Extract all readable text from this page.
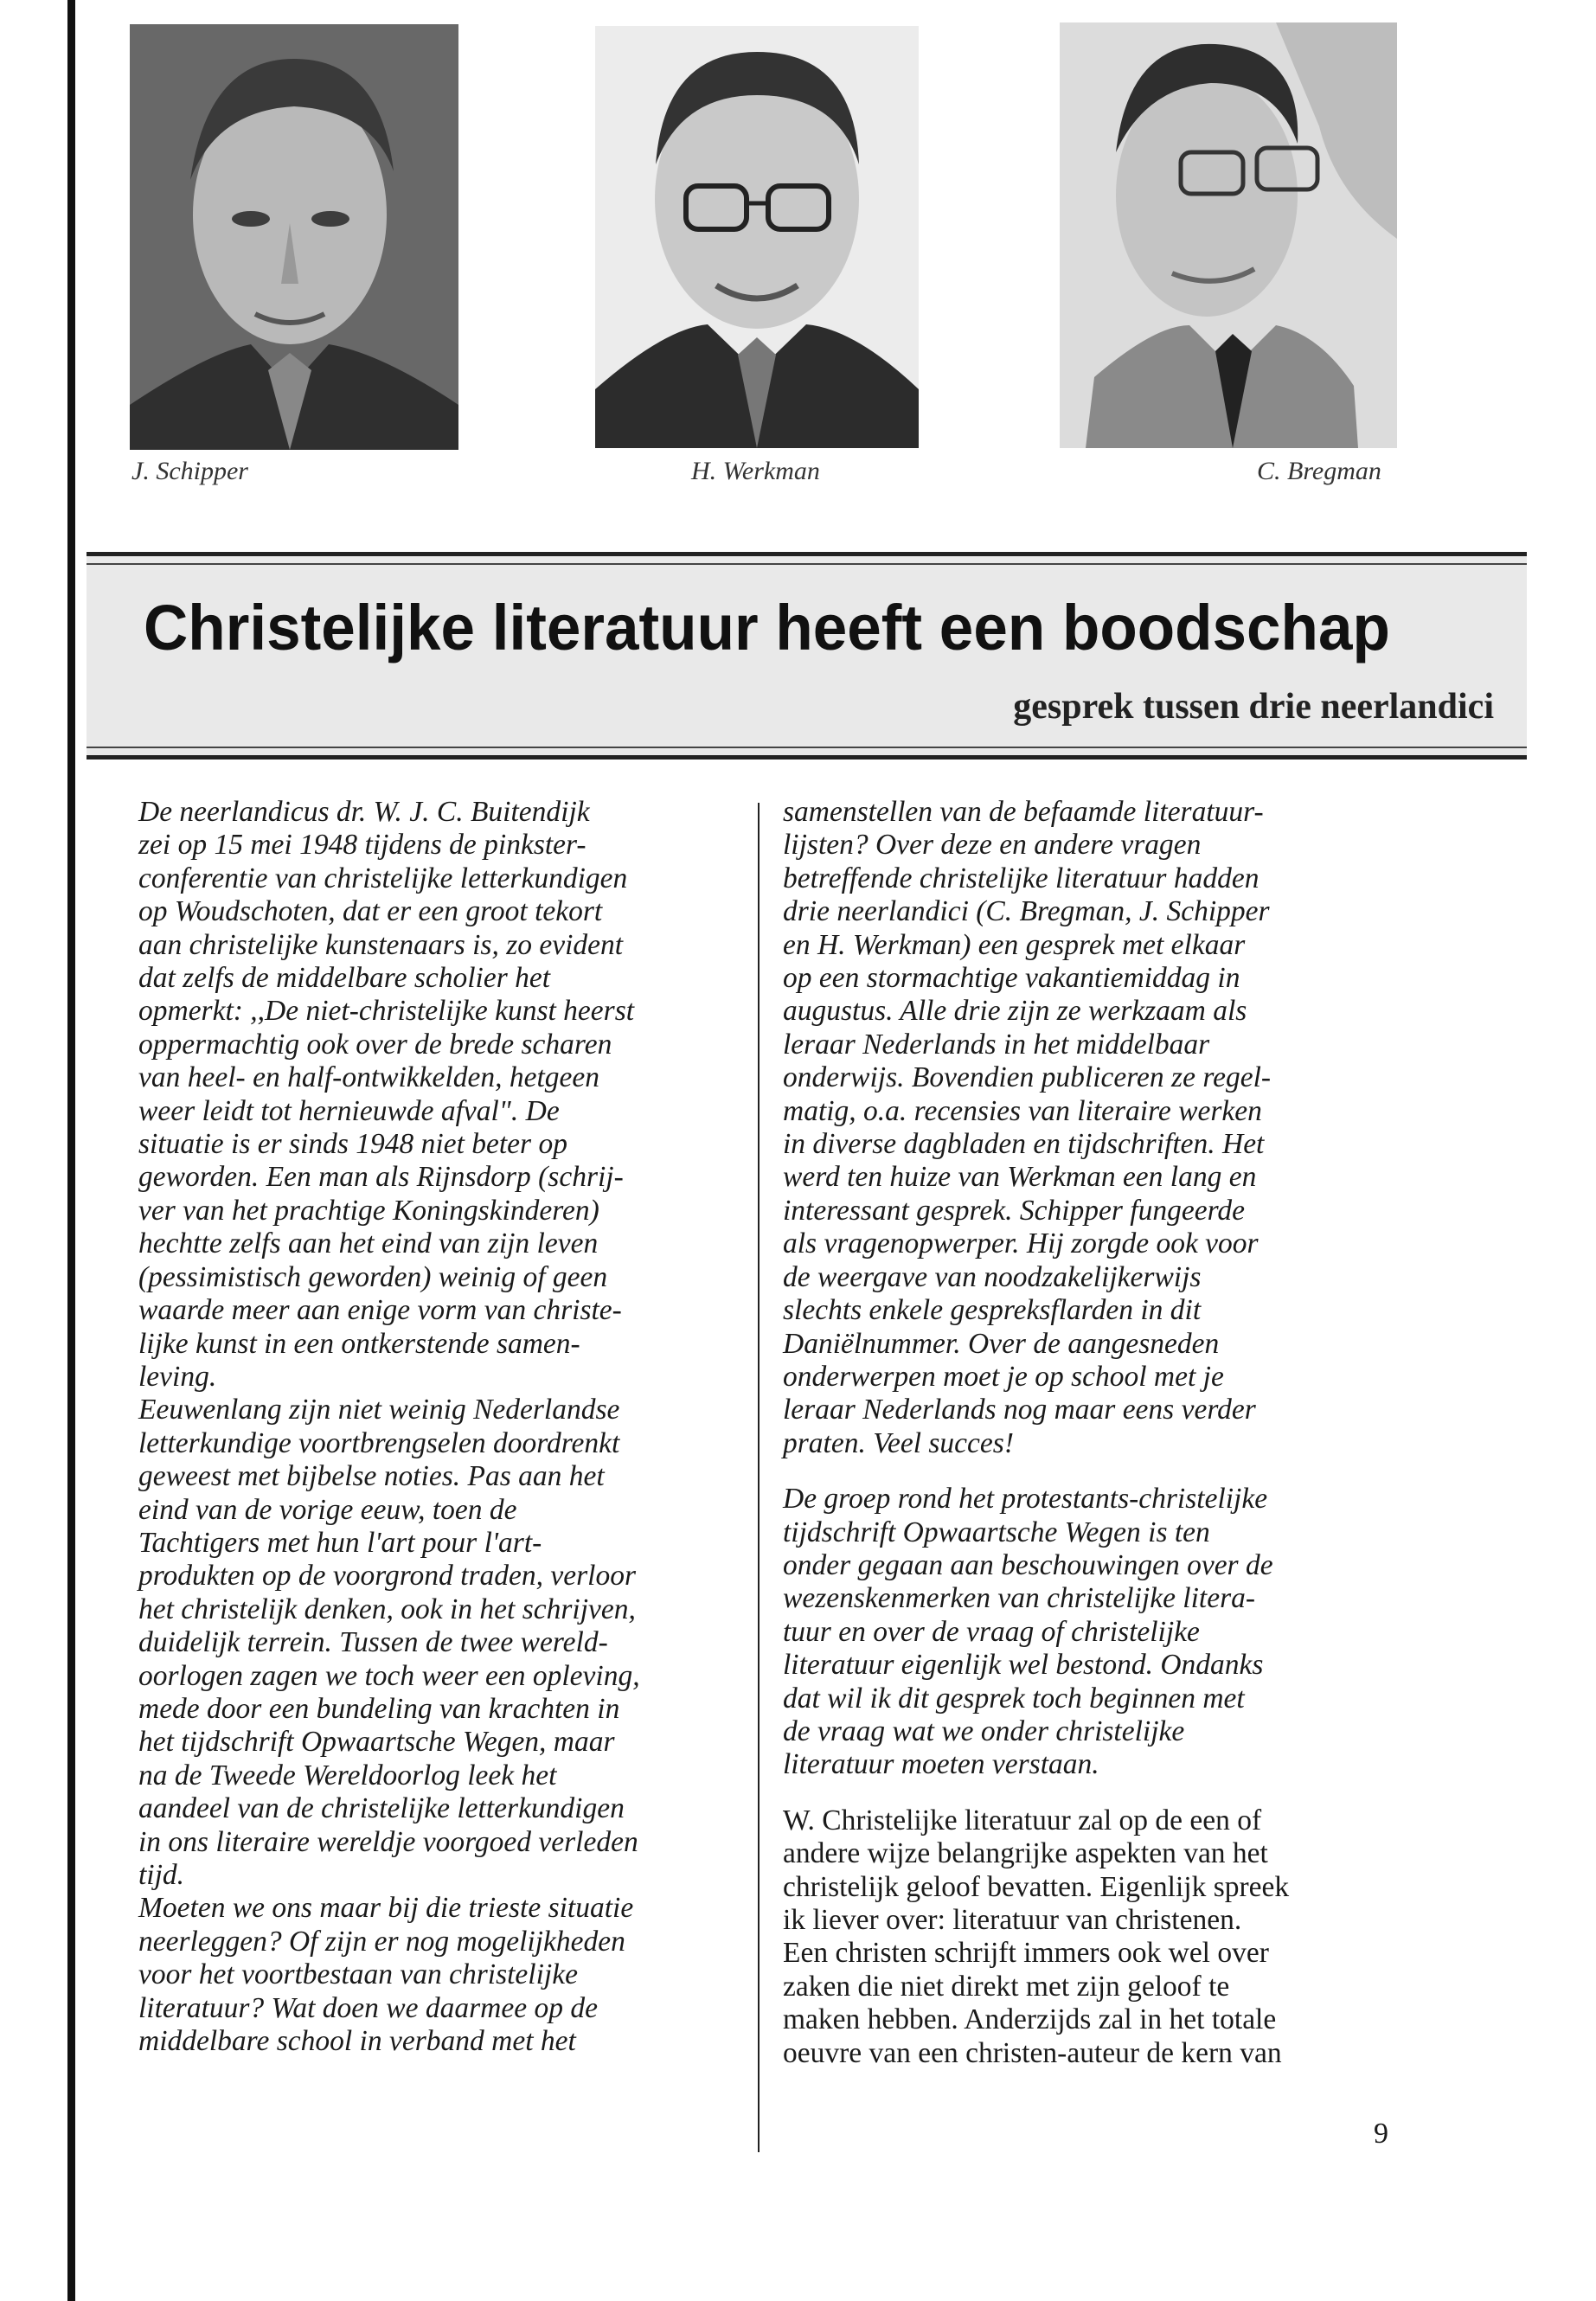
J. Schipper	H. Werkman	C. Bregman
Christelijke literatuur heeft een boodschap
gesprek tussen drie neerlandici
De neerlandicus dr. W. J. C. Buitendijk
zei op 15 mei 1948 tijdens de pinkster-
conferentie van christelijke letterkundigen
op Woudschoten, dat er een groot tekort
aan christelijke kunstenaars is, zo evident
dat zelfs de middelbare scholier het
opmerkt: ,,De niet-christelijke kunst heerst
oppermachtig ook over de brede scharen
van heel- en half-ontwikkelden, hetgeen
weer leidt tot hernieuwde afval". De
situatie is er sinds 1948 niet beter op
geworden. Een man als Rijnsdorp (schrij-
ver van het prachtige Koningskinderen)
hechtte zelfs aan het eind van zijn leven
(pessimistisch geworden) weinig of geen
waarde meer aan enige vorm van christe-
lijke kunst in een ontkerstende samen-
leving.
Eeuwenlang zijn niet weinig Nederlandse
letterkundige voortbrengselen doordrenkt
geweest met bijbelse noties. Pas aan het
eind van de vorige eeuw, toen de
Tachtigers met hun l'art pour l'art-
produkten op de voorgrond traden, verloor
het christelijk denken, ook in het schrijven,
duidelijk terrein. Tussen de twee wereld-
oorlogen zagen we toch weer een opleving,
mede door een bundeling van krachten in
het tijdschrift Opwaartsche Wegen, maar
na de Tweede Wereldoorlog leek het
aandeel van de christelijke letterkundigen
in ons literaire wereldje voorgoed verleden
tijd.
Moeten we ons maar bij die trieste situatie
neerleggen? Of zijn er nog mogelijkheden
voor het voortbestaan van christelijke
literatuur? Wat doen we daarmee op de
middelbare school in verband met het
samenstellen van de befaamde literatuur-
lijsten? Over deze en andere vragen
betreffende christelijke literatuur hadden
drie neerlandici (C. Bregman, J. Schipper
en H. Werkman) een gesprek met elkaar
op een stormachtige vakantiemiddag in
augustus. Alle drie zijn ze werkzaam als
leraar Nederlands in het middelbaar
onderwijs. Bovendien publiceren ze regel-
matig, o.a. recensies van literaire werken
in diverse dagbladen en tijdschriften. Het
werd ten huize van Werkman een lang en
interessant gesprek. Schipper fungeerde
als vragenopwerper. Hij zorgde ook voor
de weergave van noodzakelijkerwijs
slechts enkele gespreksflarden in dit
Daniëlnummer. Over de aangesneden
onderwerpen moet je op school met je
leraar Nederlands nog maar eens verder
praten. Veel succes!
De groep rond het protestants-christelijke
tijdschrift Opwaartsche Wegen is ten
onder gegaan aan beschouwingen over de
wezenskenmerken van christelijke litera-
tuur en over de vraag of christelijke
literatuur eigenlijk wel bestond. Ondanks
dat wil ik dit gesprek toch beginnen met
de vraag wat we onder christelijke
literatuur moeten verstaan.
W. Christelijke literatuur zal op de een of
andere wijze belangrijke aspekten van het
christelijk geloof bevatten. Eigenlijk spreek
ik liever over: literatuur van christenen.
Een christen schrijft immers ook wel over
zaken die niet direkt met zijn geloof te
maken hebben. Anderzijds zal in het totale
oeuvre van een christen-auteur de kern van
9
